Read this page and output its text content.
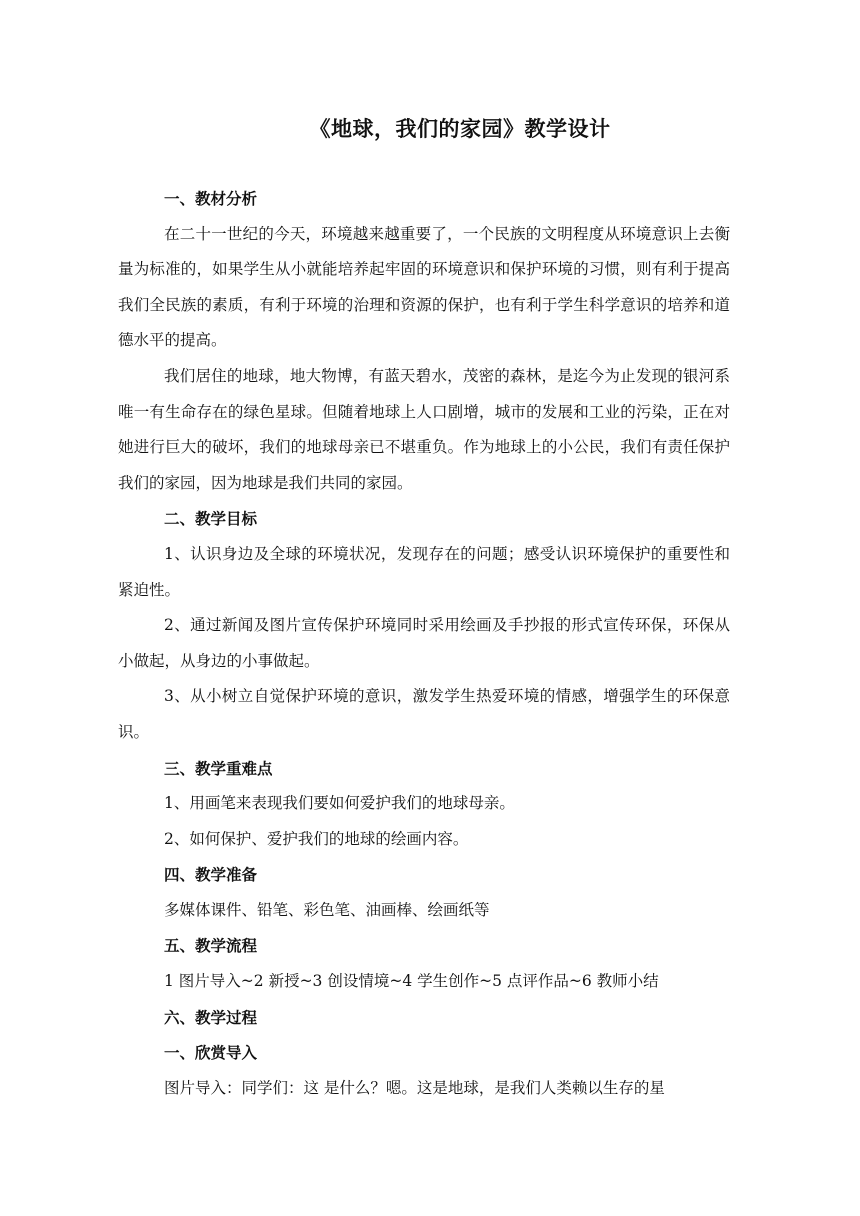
《地球，我们的家园》教学设计

一、教材分析

在二十一世纪的今天，环境越来越重要了，一个民族的文明程度从环境意识上去衡量为标准的，如果学生从小就能培养起牢固的环境意识和保护环境的习惯，则有利于提高我们全民族的素质，有利于环境的治理和资源的保护，也有利于学生科学意识的培养和道德水平的提高。

我们居住的地球，地大物博，有蓝天碧水，茂密的森林，是迄今为止发现的银河系唯一有生命存在的绿色星球。但随着地球上人口剧增，城市的发展和工业的污染，正在对她进行巨大的破坏，我们的地球母亲已不堪重负。作为地球上的小公民，我们有责任保护我们的家园，因为地球是我们共同的家园。

二、教学目标

1、认识身边及全球的环境状况，发现存在的问题；感受认识环境保护的重要性和紧迫性。

2、通过新闻及图片宣传保护环境同时采用绘画及手抄报的形式宣传环保，环保从小做起，从身边的小事做起。

3、从小树立自觉保护环境的意识，激发学生热爱环境的情感，增强学生的环保意识。

三、教学重难点

1、用画笔来表现我们要如何爱护我们的地球母亲。

2、如何保护、爱护我们的地球的绘画内容。

四、教学准备

多媒体课件、铅笔、彩色笔、油画棒、绘画纸等

五、教学流程

1 图片导入~2 新授~3 创设情境~4 学生创作~5 点评作品~6 教师小结

六、教学过程

一、欣赏导入

图片导入：同学们：这 是什么？嗯。这是地球，是我们人类赖以生存的星
